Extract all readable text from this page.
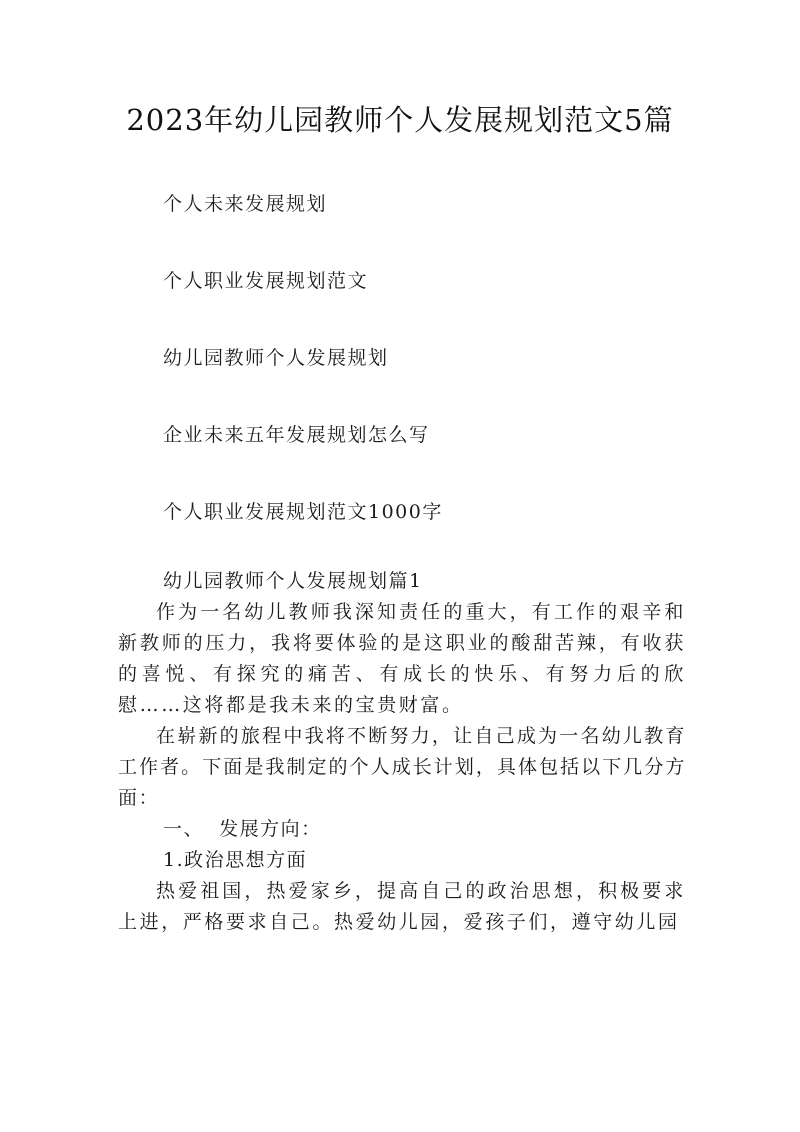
2023年幼儿园教师个人发展规划范文5篇
个人未来发展规划
个人职业发展规划范文
幼儿园教师个人发展规划
企业未来五年发展规划怎么写
个人职业发展规划范文1000字

幼儿园教师个人发展规划篇1

作为一名幼儿教师我深知责任的重大，有工作的艰辛和新教师的压力，我将要体验的是这职业的酸甜苦辣，有收获的喜悦、有探究的痛苦、有成长的快乐、有努力后的欣慰……这将都是我未来的宝贵财富。

在崭新的旅程中我将不断努力，让自己成为一名幼儿教育工作者。下面是我制定的个人成长计划，具体包括以下几分方面：

一、  发展方向：

1.政治思想方面

热爱祖国，热爱家乡，提高自己的政治思想，积极要求上进，严格要求自己。热爱幼儿园，爱孩子们，遵守幼儿园
